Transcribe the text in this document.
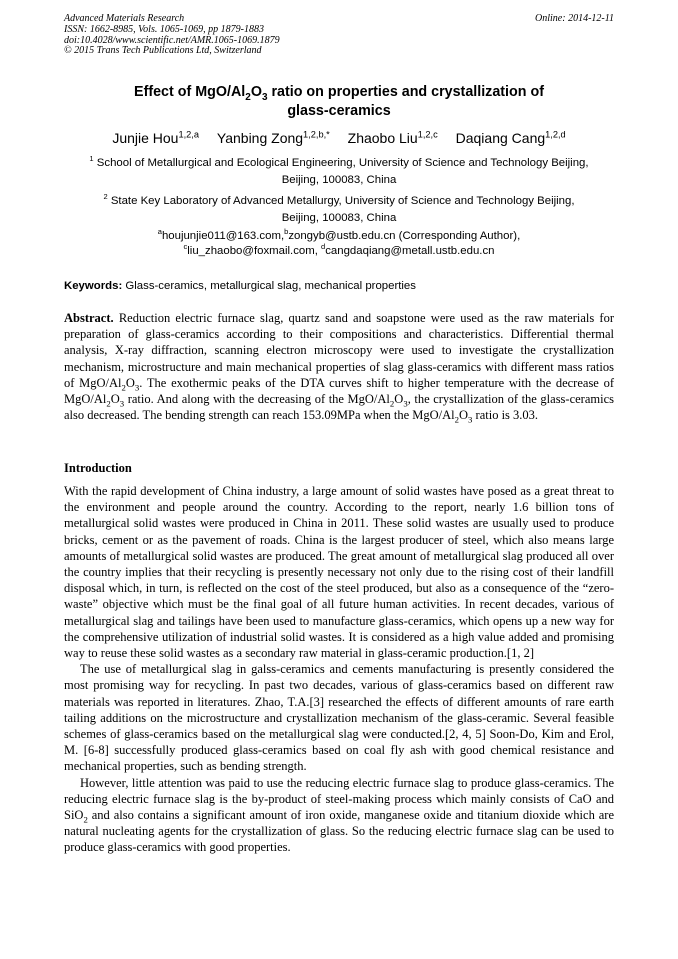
Advanced Materials Research
ISSN: 1662-8985, Vols. 1065-1069, pp 1879-1883
doi:10.4028/www.scientific.net/AMR.1065-1069.1879
© 2015 Trans Tech Publications Ltd, Switzerland
Online: 2014-12-11
Effect of MgO/$Al_2O_3$ ratio on properties and crystallization of
glass-ceramics
Junjie Hou$^{1,2,a}$ Yanbing Zong$^{1,2,b,*}$ Zhaobo Liu$^{1,2,c}$ Daqiang Cang$^{1,2,d}$
$^1$ School of Metallurgical and Ecological Engineering, University of Science and Technology Beijing,
Beijing, 100083, China
$^2$ State Key Laboratory of Advanced Metallurgy, University of Science and Technology Beijing,
Beijing, 100083, China
$^a$houjunjie011@163.com,$^b$zongyb@ustb.edu.cn (Corresponding Author),
$^c$liu_zhaobo@foxmail.com, $^d$cangdaqiang@metall.ustb.edu.cn
Keywords: Glass-ceramics, metallurgical slag, mechanical properties
Abstract. Reduction electric furnace slag, quartz sand and soapstone were used as the raw materials for preparation of glass-ceramics according to their compositions and characteristics. Differential thermal analysis, X-ray diffraction, scanning electron microscopy were used to investigate the crystallization mechanism, microstructure and main mechanical properties of slag glass-ceramics with different mass ratios of MgO/$Al_2O_3$. The exothermic peaks of the DTA curves shift to higher temperature with the decrease of MgO/$Al_2O_3$ ratio. And along with the decreasing of the MgO/$Al_2O_3$, the crystallization of the glass-ceramics also decreased. The bending strength can reach 153.09MPa when the MgO/$Al_2O_3$ ratio is 3.03.
Introduction

With the rapid development of China industry, a large amount of solid wastes have posed as a great threat to the environment and people around the country. According to the report, nearly 1.6 billion tons of metallurgical solid wastes were produced in China in 2011. These solid wastes are usually used to produce bricks, cement or as the pavement of roads. China is the largest producer of steel, which also means large amounts of metallurgical solid wastes are produced. The great amount of metallurgical slag produced all over the country implies that their recycling is presently necessary not only due to the rising cost of their landfill disposal which, in turn, is reflected on the cost of the steel produced, but also as a consequence of the “zero-waste” objective which must be the final goal of all future human activities. In recent decades, various of metallurgical slag and tailings have been used to manufacture glass-ceramics, which opens up a new way for the comprehensive utilization of industrial solid wastes. It is considered as a high value added and promising way to reuse these solid wastes as a secondary raw material in glass-ceramic production.[1, 2]

The use of metallurgical slag in galss-ceramics and cements manufacturing is presently considered the most promising way for recycling. In past two decades, various of glass-ceramics based on different raw materials was reported in literatures. Zhao, T.A.[3] researched the effects of different amounts of rare earth tailing additions on the microstructure and crystallization mechanism of the glass-ceramic. Several feasible schemes of glass-ceramics based on the metallurgical slag were conducted.[2, 4, 5] Soon-Do, Kim and Erol, M. [6-8] successfully produced glass-ceramics based on coal fly ash with good chemical resistance and mechanical properties, such as bending strength.

However, little attention was paid to use the reducing electric furnace slag to produce glass-ceramics. The reducing electric furnace slag is the by-product of steel-making process which mainly consists of CaO and SiO$_2$ and also contains a significant amount of iron oxide, manganese oxide and titanium dioxide which are natural nucleating agents for the crystallization of glass. So the reducing electric furnace slag can be used to produce glass-ceramics with good properties.
